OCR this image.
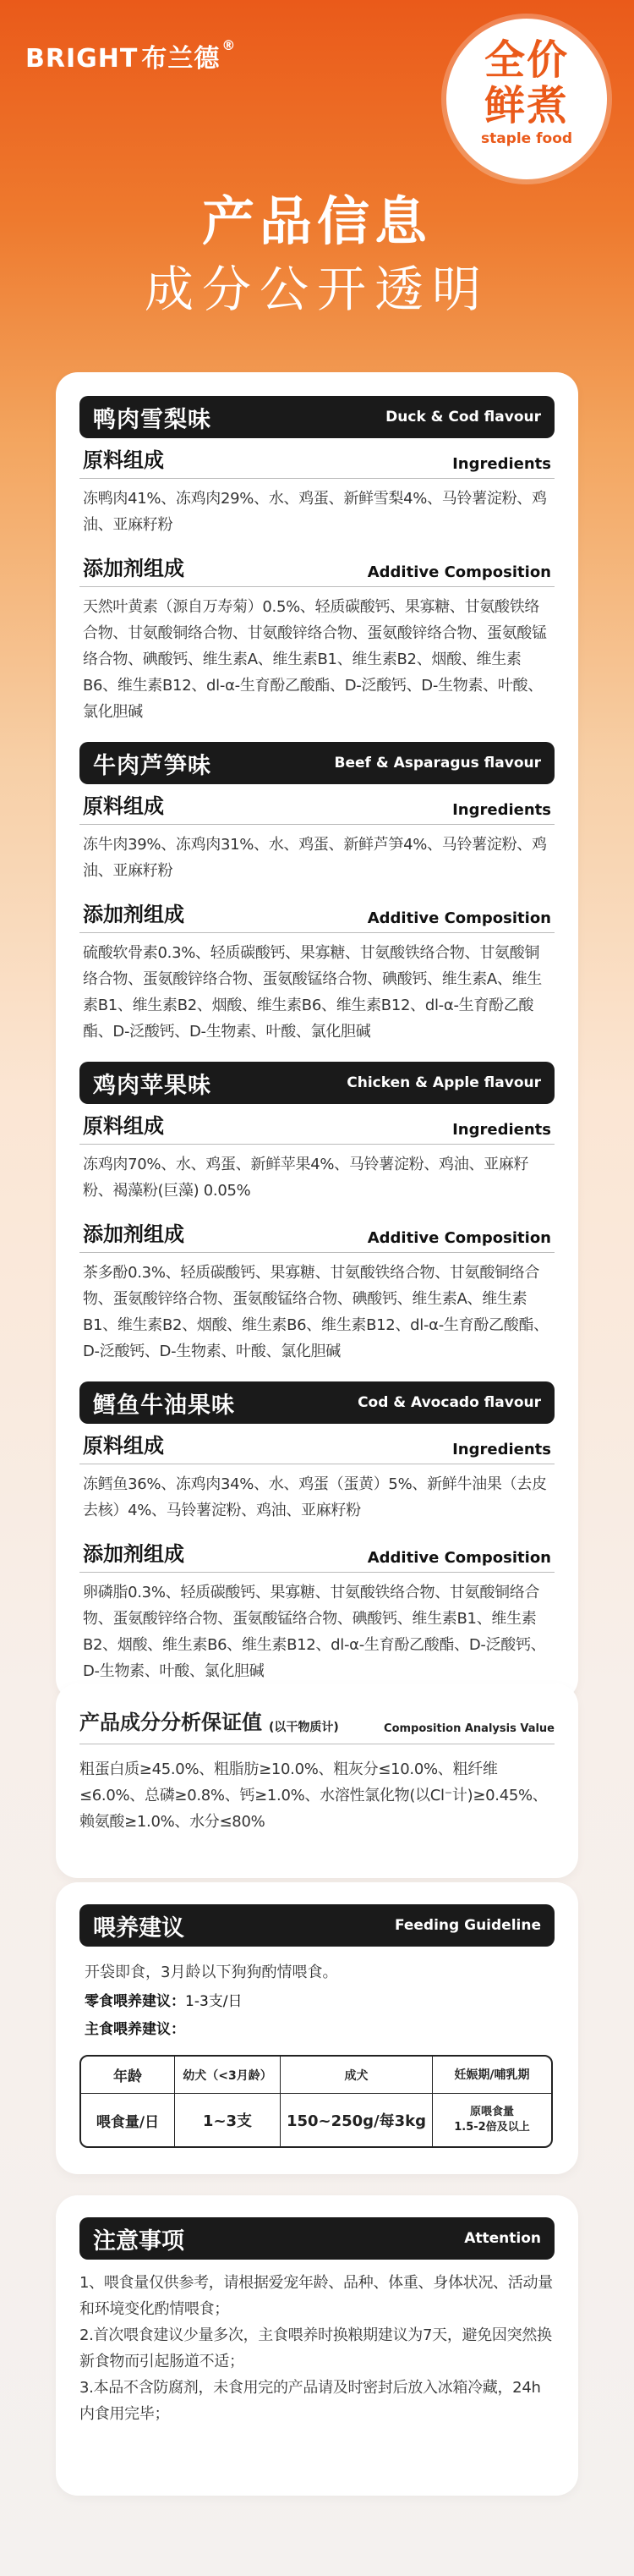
BRIGHT 布兰德 ®	全价
鲜煮
staple food
产品信息
成分公开透明
鸭肉雪梨味	Duck & Cod flavour
原料组成	Ingredients
冻鸭肉41%、冻鸡肉29%、水、鸡蛋、新鲜雪梨4%、马铃薯淀粉、鸡油、亚麻籽粉
添加剂组成	Additive Composition
天然叶黄素（源自万寿菊）0.5%、轻质碳酸钙、果寡糖、甘氨酸铁络合物、甘氨酸铜络合物、甘氨酸锌络合物、蛋氨酸锌络合物、蛋氨酸锰络合物、碘酸钙、维生素A、维生素B1、维生素B2、烟酸、维生素B6、维生素B12、dl-α-生育酚乙酸酯、D-泛酸钙、D-生物素、叶酸、氯化胆碱
牛肉芦笋味	Beef & Asparagus flavour
原料组成	Ingredients
冻牛肉39%、冻鸡肉31%、水、鸡蛋、新鲜芦笋4%、马铃薯淀粉、鸡油、亚麻籽粉
添加剂组成	Additive Composition
硫酸软骨素0.3%、轻质碳酸钙、果寡糖、甘氨酸铁络合物、甘氨酸铜络合物、蛋氨酸锌络合物、蛋氨酸锰络合物、碘酸钙、维生素A、维生素B1、维生素B2、烟酸、维生素B6、维生素B12、dl-α-生育酚乙酸酯、D-泛酸钙、D-生物素、叶酸、氯化胆碱
鸡肉苹果味	Chicken & Apple flavour
原料组成	Ingredients
冻鸡肉70%、水、鸡蛋、新鲜苹果4%、马铃薯淀粉、鸡油、亚麻籽粉、褐藻粉(巨藻) 0.05%
添加剂组成	Additive Composition
茶多酚0.3%、轻质碳酸钙、果寡糖、甘氨酸铁络合物、甘氨酸铜络合物、蛋氨酸锌络合物、蛋氨酸锰络合物、碘酸钙、维生素A、维生素B1、维生素B2、烟酸、维生素B6、维生素B12、dl-α-生育酚乙酸酯、D-泛酸钙、D-生物素、叶酸、氯化胆碱
鳕鱼牛油果味	Cod & Avocado flavour
原料组成	Ingredients
冻鳕鱼36%、冻鸡肉34%、水、鸡蛋（蛋黄）5%、新鲜牛油果（去皮去核）4%、马铃薯淀粉、鸡油、亚麻籽粉
添加剂组成	Additive Composition
卵磷脂0.3%、轻质碳酸钙、果寡糖、甘氨酸铁络合物、甘氨酸铜络合物、蛋氨酸锌络合物、蛋氨酸锰络合物、碘酸钙、维生素B1、维生素B2、烟酸、维生素B6、维生素B12、dl-α-生育酚乙酸酯、D-泛酸钙、D-生物素、叶酸、氯化胆碱
产品成分分析保证值 (以干物质计)	Composition Analysis Value
粗蛋白质≥45.0%、粗脂肪≥10.0%、粗灰分≤10.0%、粗纤维≤6.0%、总磷≥0.8%、钙≥1.0%、水溶性氯化物(以Cl⁻计)≥0.45%、赖氨酸≥1.0%、水分≤80%
喂养建议	Feeding Guideline
开袋即食，3月龄以下狗狗酌情喂食。
零食喂养建议：1-3支/日
主食喂养建议：
年龄	幼犬（<3月龄）	成犬	妊娠期/哺乳期
喂食量/日	1~3支	150~250g/每3kg
原喂食量
1.5-2倍及以上
注意事项	Attention
1、喂食量仅供参考，请根据爱宠年龄、品种、体重、身体状况、活动量和环境变化酌情喂食；
2.首次喂食建议少量多次，主食喂养时换粮期建议为7天，避免因突然换新食物而引起肠道不适；
3.本品不含防腐剂，未食用完的产品请及时密封后放入冰箱冷藏，24h内食用完毕；
